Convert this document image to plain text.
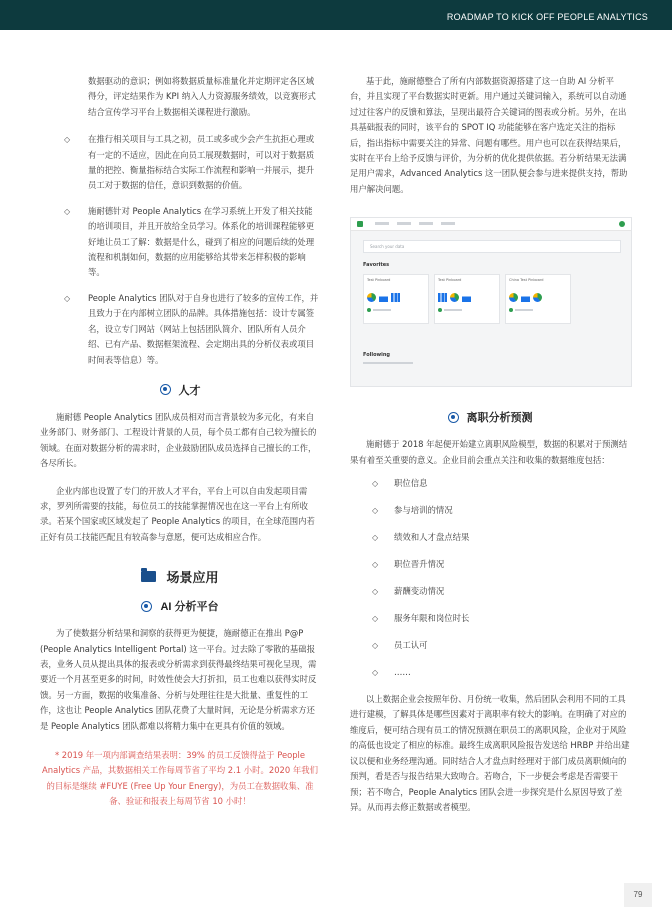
ROADMAP TO KICK OFF PEOPLE ANALYTICS

数据驱动的意识；例如将数据质量标准量化并定期评定各区域得分，评定结果作为 KPI 纳入人力资源服务绩效，以竞赛形式结合宣传学习平台上数据相关课程进行激励。

◇ 在推行相关项目与工具之初，员工或多或少会产生抗拒心理或有一定的不适应，因此在向员工展现数据时，可以对于数据质量的把控、衡量指标结合实际工作流程和影响一并展示，提升员工对于数据的信任，意识到数据的价值。
◇ 施耐德针对 People Analytics 在学习系统上开发了相关技能的培训项目，并且开放给全员学习。体系化的培训课程能够更好地让员工了解：数据是什么，碰到了相应的问题后续的处理流程和机制如何，数据的应用能够给其带来怎样积极的影响等。
◇ People Analytics 团队对于自身也进行了较多的宣传工作，并且致力于在内部树立团队的品牌。具体措施包括：设计专属签名，设立专门网站（网站上包括团队简介、团队所有人员介绍、已有产品、数据框架流程、会定期出具的分析仪表或项目时间表等信息）等。
人才

施耐德 People Analytics 团队成员相对而言背景较为多元化，有来自业务部门、财务部门、工程设计背景的人员，每个员工都有自己较为擅长的领域。在面对数据分析的需求时，企业鼓励团队成员选择自己擅长的工作，各尽所长。

企业内部也设置了专门的开放人才平台，平台上可以自由发起项目需求，罗列所需要的技能，每位员工的技能掌握情况也在这一平台上有所收录。若某个国家或区域发起了 People Analytics 的项目，在全球范围内若正好有员工技能匹配且有较高参与意愿，便可达成相应合作。

场景应用
AI 分析平台

为了使数据分析结果和洞察的获得更为便捷，施耐德正在推出 P@P (People Analytics Intelligent Portal) 这一平台。过去除了零散的基础报表，业务人员从提出具体的报表或分析需求到获得最终结果可视化呈现，需要近一个月甚至更多的时间，时效性使会大打折扣，员工也难以获得实时反馈。另一方面，数据的收集准备、分析与处理往往是大批量、重复性的工作，这也让 People Analytics 团队花费了大量时间，无论是分析需求方还是 People Analytics 团队都难以将精力集中在更具有价值的领域。

* 2019 年一项内部调查结果表明：39% 的员工反馈得益于 People Analytics 产品，其数据相关工作每周节省了平均 2.1 小时。2020 年我们的目标是继续 #FUYE (Free Up Your Energy)，为员工在数据收集、准备、验证和报表上每周节省 10 小时！

基于此，施耐德整合了所有内部数据资源搭建了这一自助 AI 分析平台，并且实现了平台数据实时更新。用户通过关键词输入，系统可以自动通过过往客户的反馈和算法，呈现出最符合关键词的图表或分析。另外，在出具基础报表的同时，该平台的 SPOT IQ 功能能够在客户选定关注的指标后，指出指标中需要关注的异常、问题有哪些。用户也可以在获得结果后，实时在平台上给予反馈与评价，为分析的优化提供依据。若分析结果无法满足用户需求，Advanced Analytics 这一团队便会参与进来提供支持，帮助用户解决问题。

Search your data
Favorites
Test Pinboard	Test Pinboard	China Test Pinboard
Following
离职分析预测

施耐德于 2018 年起便开始建立离职风险模型，数据的积累对于预测结果有着至关重要的意义。企业目前会重点关注和收集的数据维度包括：

◇ 职位信息
◇ 参与培训的情况
◇ 绩效和人才盘点结果
◇ 职位晋升情况
◇ 薪酬变动情况
◇ 服务年限和岗位时长
◇ 员工认可
◇ ……

以上数据企业会按照年份、月份统一收集，然后团队会利用不同的工具进行建模，了解具体是哪些因素对于离职率有较大的影响。在明确了对应的维度后，便可结合现有员工的情况预测在职员工的离职风险，企业对于风险的高低也设定了相应的标准。最终生成离职风险报告发送给 HRBP 并给出建议以便和业务经理沟通。同时结合人才盘点时经理对于部门成员离职倾向的预判，看是否与报告结果大致吻合。若吻合，下一步便会考虑是否需要干预；若不吻合，People Analytics 团队会进一步探究是什么原因导致了差异。从而再去修正数据或者模型。

79
